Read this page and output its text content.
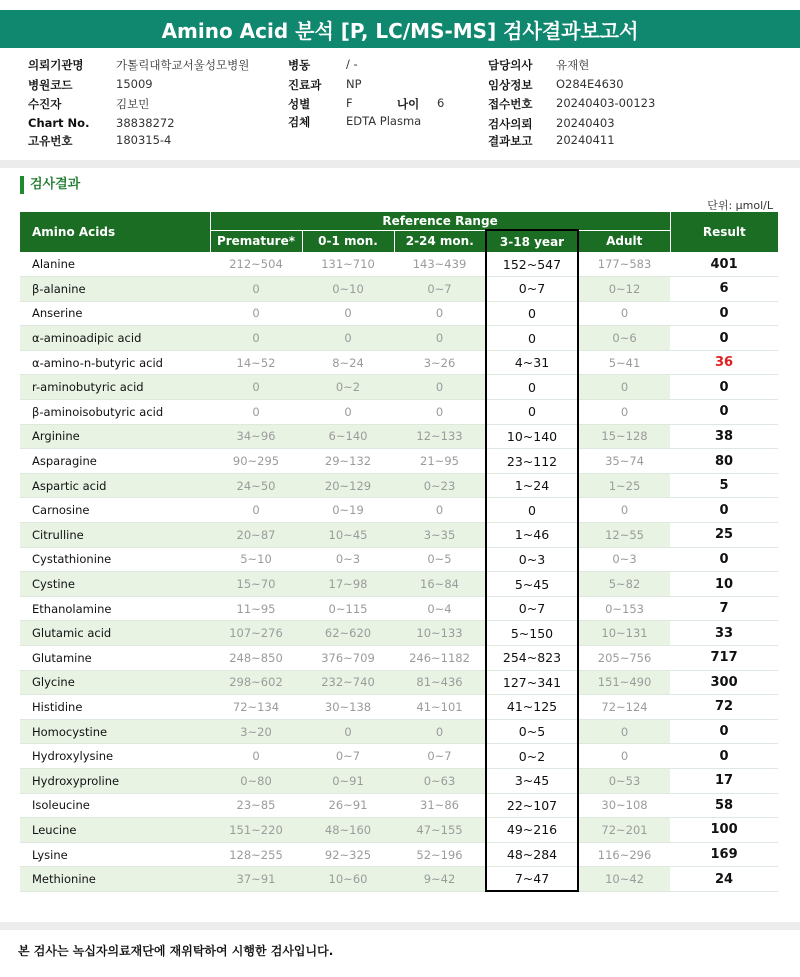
Amino Acid 분석 [P, LC/MS-MS] 검사결과보고서
의뢰기관명	가톨릭대학교서울성모병원
병원코드	15009
수진자	김보민
Chart No. 38838272
고유번호	180315-4
병동	/ -
진료과 NP
성별	F	나이 6
검체	EDTA Plasma
담당의사 유재현
임상정보 O284E4630
접수번호 20240403-00123
검사의뢰 20240403
결과보고 20240411
검사결과
단위: μmol/L
Amino Acids	Reference Range					Result
	Premature*	0-1 mon.	2-24 mon.	3-18 year	Adult	
Alanine	212~504	131~710	143~439	152~547	177~583	401
β-alanine	0	0~10	0~7	0~7	0~12	6
Anserine	0	0	0	0	0	0
α-aminoadipic acid	0	0	0	0	0~6	0
α-amino-n-butyric acid	14~52	8~24	3~26	4~31	5~41	36
r-aminobutyric acid	0	0~2	0	0	0	0
β-aminoisobutyric acid	0	0	0	0	0	0
Arginine	34~96	6~140	12~133	10~140	15~128	38
Asparagine	90~295	29~132	21~95	23~112	35~74	80
Aspartic acid	24~50	20~129	0~23	1~24	1~25	5
Carnosine	0	0~19	0	0	0	0
Citrulline	20~87	10~45	3~35	1~46	12~55	25
Cystathionine	5~10	0~3	0~5	0~3	0~3	0
Cystine	15~70	17~98	16~84	5~45	5~82	10
Ethanolamine	11~95	0~115	0~4	0~7	0~153	7
Glutamic acid	107~276	62~620	10~133	5~150	10~131	33
Glutamine	248~850	376~709	246~1182	254~823	205~756	717
Glycine	298~602	232~740	81~436	127~341	151~490	300
Histidine	72~134	30~138	41~101	41~125	72~124	72
Homocystine	3~20	0	0	0~5	0	0
Hydroxylysine	0	0~7	0~7	0~2	0	0
Hydroxyproline	0~80	0~91	0~63	3~45	0~53	17
Isoleucine	23~85	26~91	31~86	22~107	30~108	58
Leucine	151~220	48~160	47~155	49~216	72~201	100
Lysine	128~255	92~325	52~196	48~284	116~296	169
Methionine	37~91	10~60	9~42	7~47	10~42	24
본 검사는 녹십자의료재단에 재위탁하여 시행한 검사입니다.
